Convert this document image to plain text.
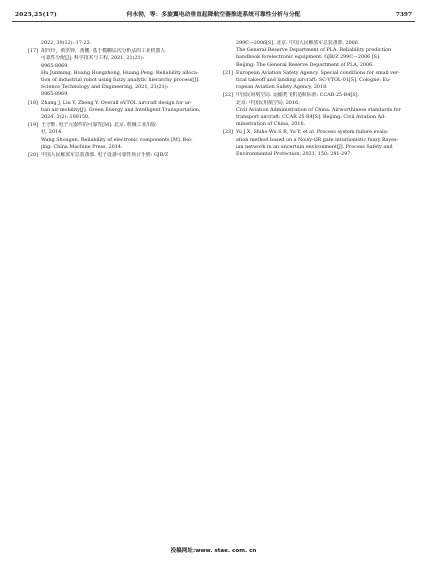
2025,25(17)	何永勃，等：多旋翼电动垂直起降航空器推进系统可靠性分析与分配	7397
2022, 39(12): 17-23.
[17] 胡玲玲，黄洪钟，黄鹏. 基于模糊层次分析法的工业机器人
可靠性分配[J]. 科学技术与工程, 2021, 21(21):
8965-8969.
Hu Junming, Huang Hongzhong, Huang Peng. Reliability alloca-
tion of industrial robot using fuzzy analytic hierarchy process[J].
Science Technology and Engineering, 2021, 21(21):
8965-8969.
[18] Zhang J, Liu Y, Zheng Y. Overall eVTOL aircraft design for ur-
ban air mobility[J]. Green Energy and Intelligent Transportation,
2024, 3(2): 100150.
[19] 王守维. 电子元器件的可靠性[M]. 北京: 机械工业出版
社, 2014.
Wang Shougen. Reliability of electronic components [M]. Bei-
jing: China Machine Press, 2014.
[20] 中国人民解放军总装备部. 电子设备可靠性预计手册: GJB/Z
299C—2006[S]. 北京: 中国人民解放军总装备部, 2006.
The General Reserve Department of PLA. Reliability prediction
handbook forelectronic equipment: GJB/Z 299C—2006 [S].
Beijing: The General Reserve Department of PLA, 2006.
[21] European Aviation Safety Agency. Special conditions for small ver-
tical takeoff and landing aircraft: SC-VTOL-01[S]. Cologne: Eu-
ropean Aviation Safety Agency, 2018.
[22] 中国民用航空局. 运输类飞机适航标准: CCAR-25-R4[S].
北京: 中国民用航空局, 2016.
Civil Aviation Administration of China. Airworthiness standards for
transport aircraft: CCAR 25-R4[S]. Beijing: Civil Aviation Ad-
ministration of China, 2016.
[23] Yu J X, Shiho-Wu S R, Yu Y, et al. Process system failure evalu-
ation method based on a Noisy-OR gate intuitionistic fuzzy Bayes-
ian network in an uncertain environment[J]. Process Safety and
Environmental Protection, 2021, 150: 281-297.
投稿网址:www. stae. com. cn
